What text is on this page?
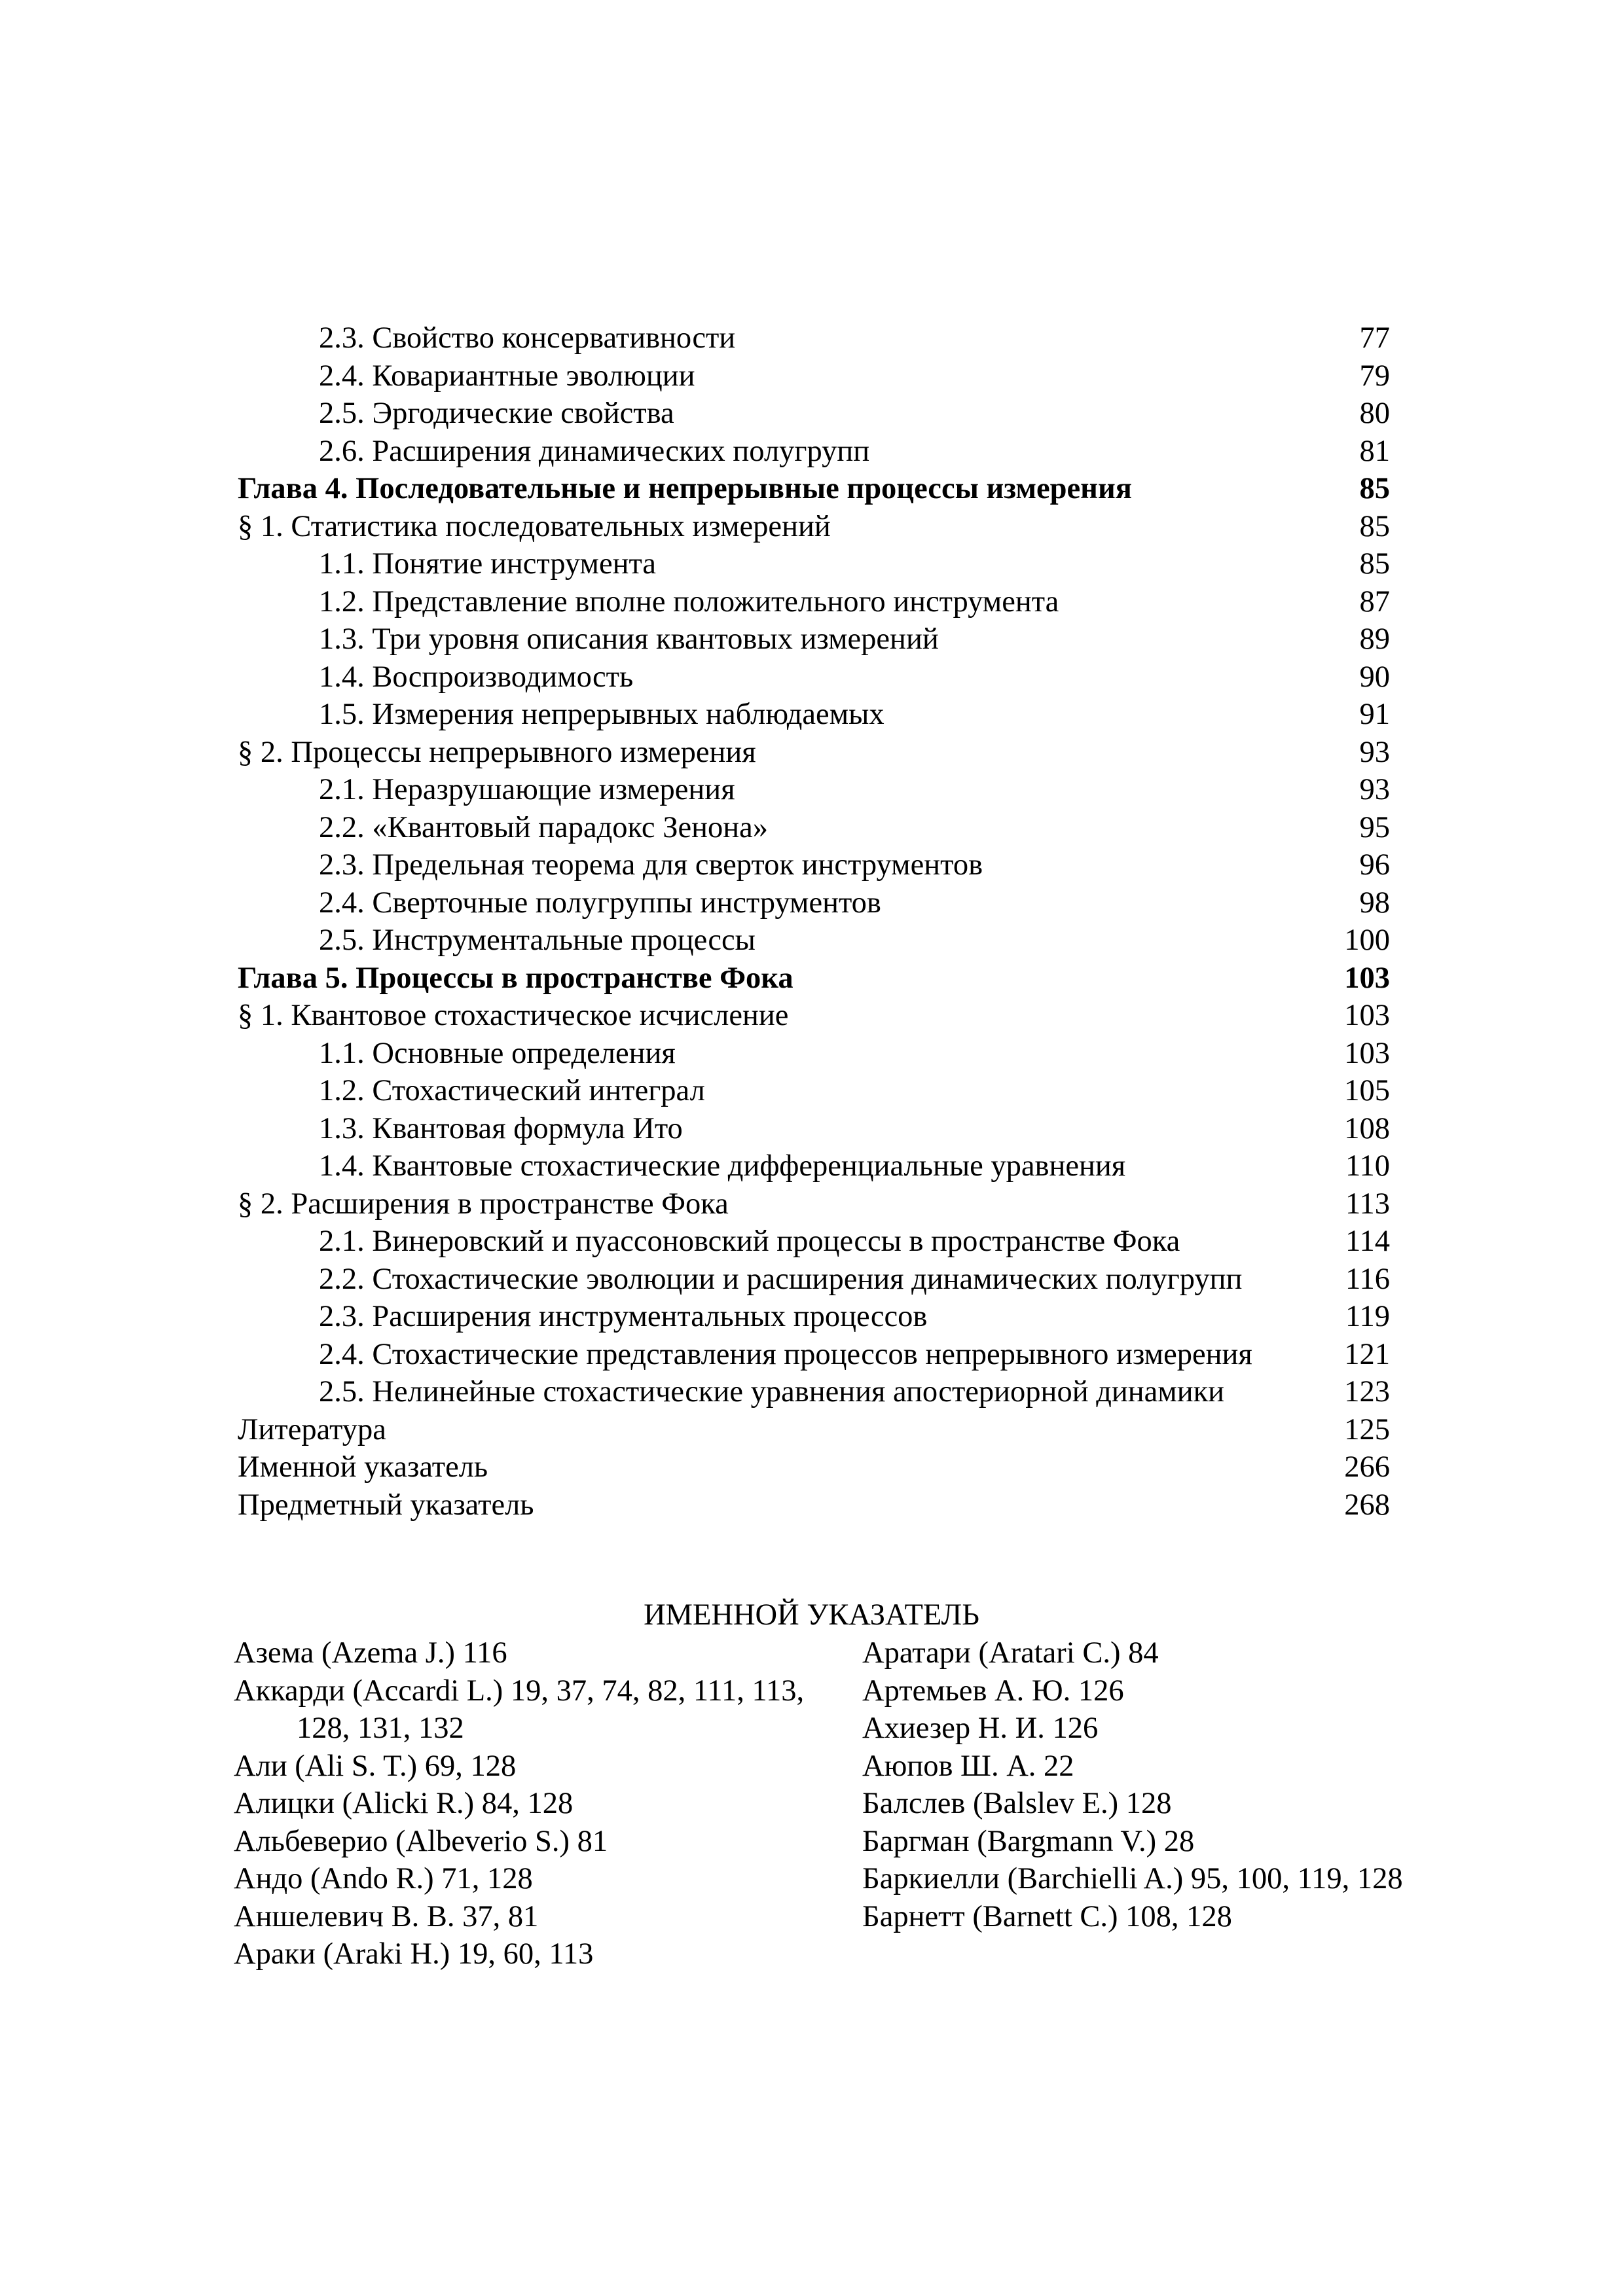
2.3. Свойство консервативности	77
2.4. Ковариантные эволюции	79
2.5. Эргодические свойства	80
2.6. Расширения динамических полугрупп	81
Глава 4. Последовательные и непрерывные процессы измерения	85
§ 1. Статистика последовательных измерений	85
1.1. Понятие инструмента	85
1.2. Представление вполне положительного инструмента	87
1.3. Три уровня описания квантовых измерений	89
1.4. Воспроизводимость	90
1.5. Измерения непрерывных наблюдаемых	91
§ 2. Процессы непрерывного измерения	93
2.1. Неразрушающие измерения	93
2.2. «Квантовый парадокс Зенона»	95
2.3. Предельная теорема для сверток инструментов	96
2.4. Сверточные полугруппы инструментов	98
2.5. Инструментальные процессы	100
Глава 5. Процессы в пространстве Фока	103
§ 1. Квантовое стохастическое исчисление	103
1.1. Основные определения	103
1.2. Стохастический интеграл	105
1.3. Квантовая формула Ито	108
1.4. Квантовые стохастические дифференциальные уравнения	110
§ 2. Расширения в пространстве Фока	113
2.1. Винеровский и пуассоновский процессы в пространстве Фока	114
2.2. Стохастические эволюции и расширения динамических полугрупп	116
2.3. Расширения инструментальных процессов	119
2.4. Стохастические представления процессов непрерывного измерения	121
2.5. Нелинейные стохастические уравнения апостериорной динамики	123
Литература	125
Именной указатель	266
Предметный указатель	268
ИМЕННОЙ УКАЗАТЕЛЬ
Азема (Azema J.) 116
Аккарди (Accardi L.) 19, 37, 74, 82, 111, 113, 128, 131, 132
Али (Ali S. T.) 69, 128
Алицки (Alicki R.) 84, 128
Альбеверио (Albeverio S.) 81
Андо (Ando R.) 71, 128
Аншелевич В. В. 37, 81
Араки (Araki H.) 19, 60, 113
Аратари (Aratari C.) 84
Артемьев А. Ю. 126
Ахиезер Н. И. 126
Аюпов Ш. А. 22
Балслев (Balslev E.) 128
Баргман (Bargmann V.) 28
Баркиелли (Barchielli A.) 95, 100, 119, 128
Барнетт (Barnett C.) 108, 128
